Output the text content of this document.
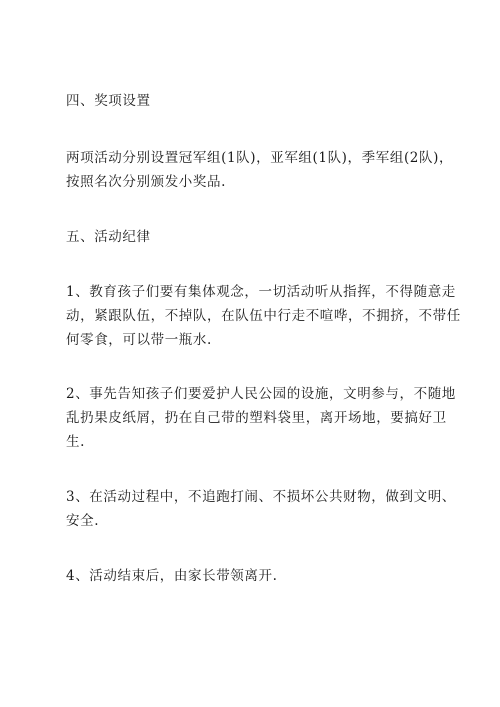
四、奖项设置
两项活动分别设置冠军组(1队)，亚军组(1队)，季军组(2队)，
按照名次分别颁发小奖品.
五、活动纪律
1、教育孩子们要有集体观念，一切活动听从指挥，不得随意走
动，紧跟队伍，不掉队，在队伍中行走不喧哗，不拥挤，不带任
何零食，可以带一瓶水.
2、事先告知孩子们要爱护人民公园的设施，文明参与，不随地
乱扔果皮纸屑，扔在自己带的塑料袋里，离开场地，要搞好卫
生.
3、在活动过程中，不追跑打闹、不损坏公共财物，做到文明、
安全.
4、活动结束后，由家长带领离开.
